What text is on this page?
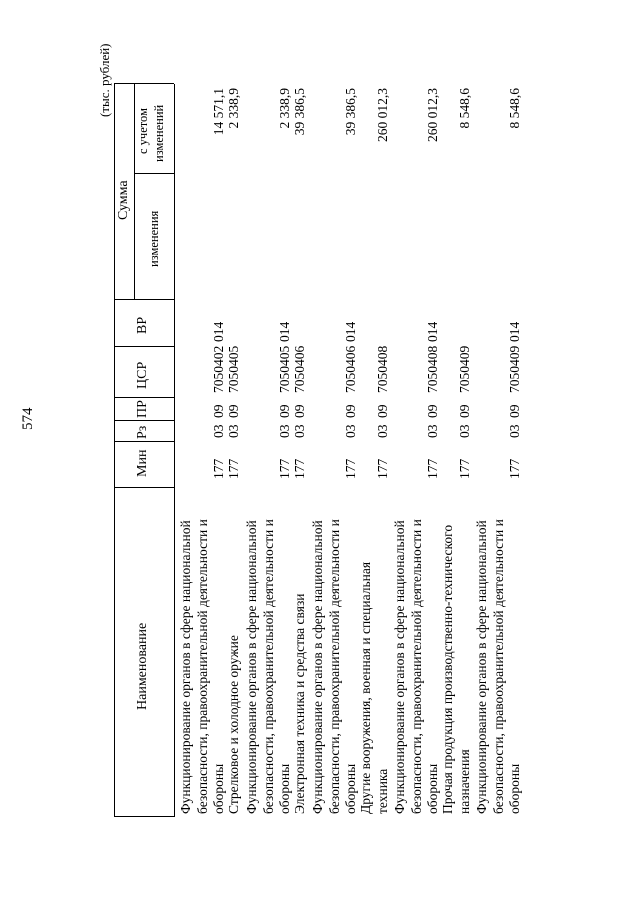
574
(тыс. рублей)
Наименование
Мин
Рз
ПР
ЦСР
ВР
Сумма
изменения
с учетом изменений
Функционирование органов в сфере национальной безопасности, правоохранительной деятельности и обороны
177
03
09
7050402
014
14 571,1
Стрелковое и холодное оружие
177
03
09
7050405
2 338,9
Функционирование органов в сфере национальной безопасности, правоохранительной деятельности и обороны
177
03
09
7050405
014
2 338,9
Электронная техника и средства связи
177
03
09
7050406
39 386,5
Функционирование органов в сфере национальной безопасности, правоохранительной деятельности и обороны
177
03
09
7050406
014
39 386,5
Другие вооружения, военная и специальная техника
177
03
09
7050408
260 012,3
Функционирование органов в сфере национальной безопасности, правоохранительной деятельности и обороны
177
03
09
7050408
014
260 012,3
Прочая продукция производственно-технического назначения
177
03
09
7050409
8 548,6
Функционирование органов в сфере национальной безопасности, правоохранительной деятельности и обороны
177
03
09
7050409
014
8 548,6
